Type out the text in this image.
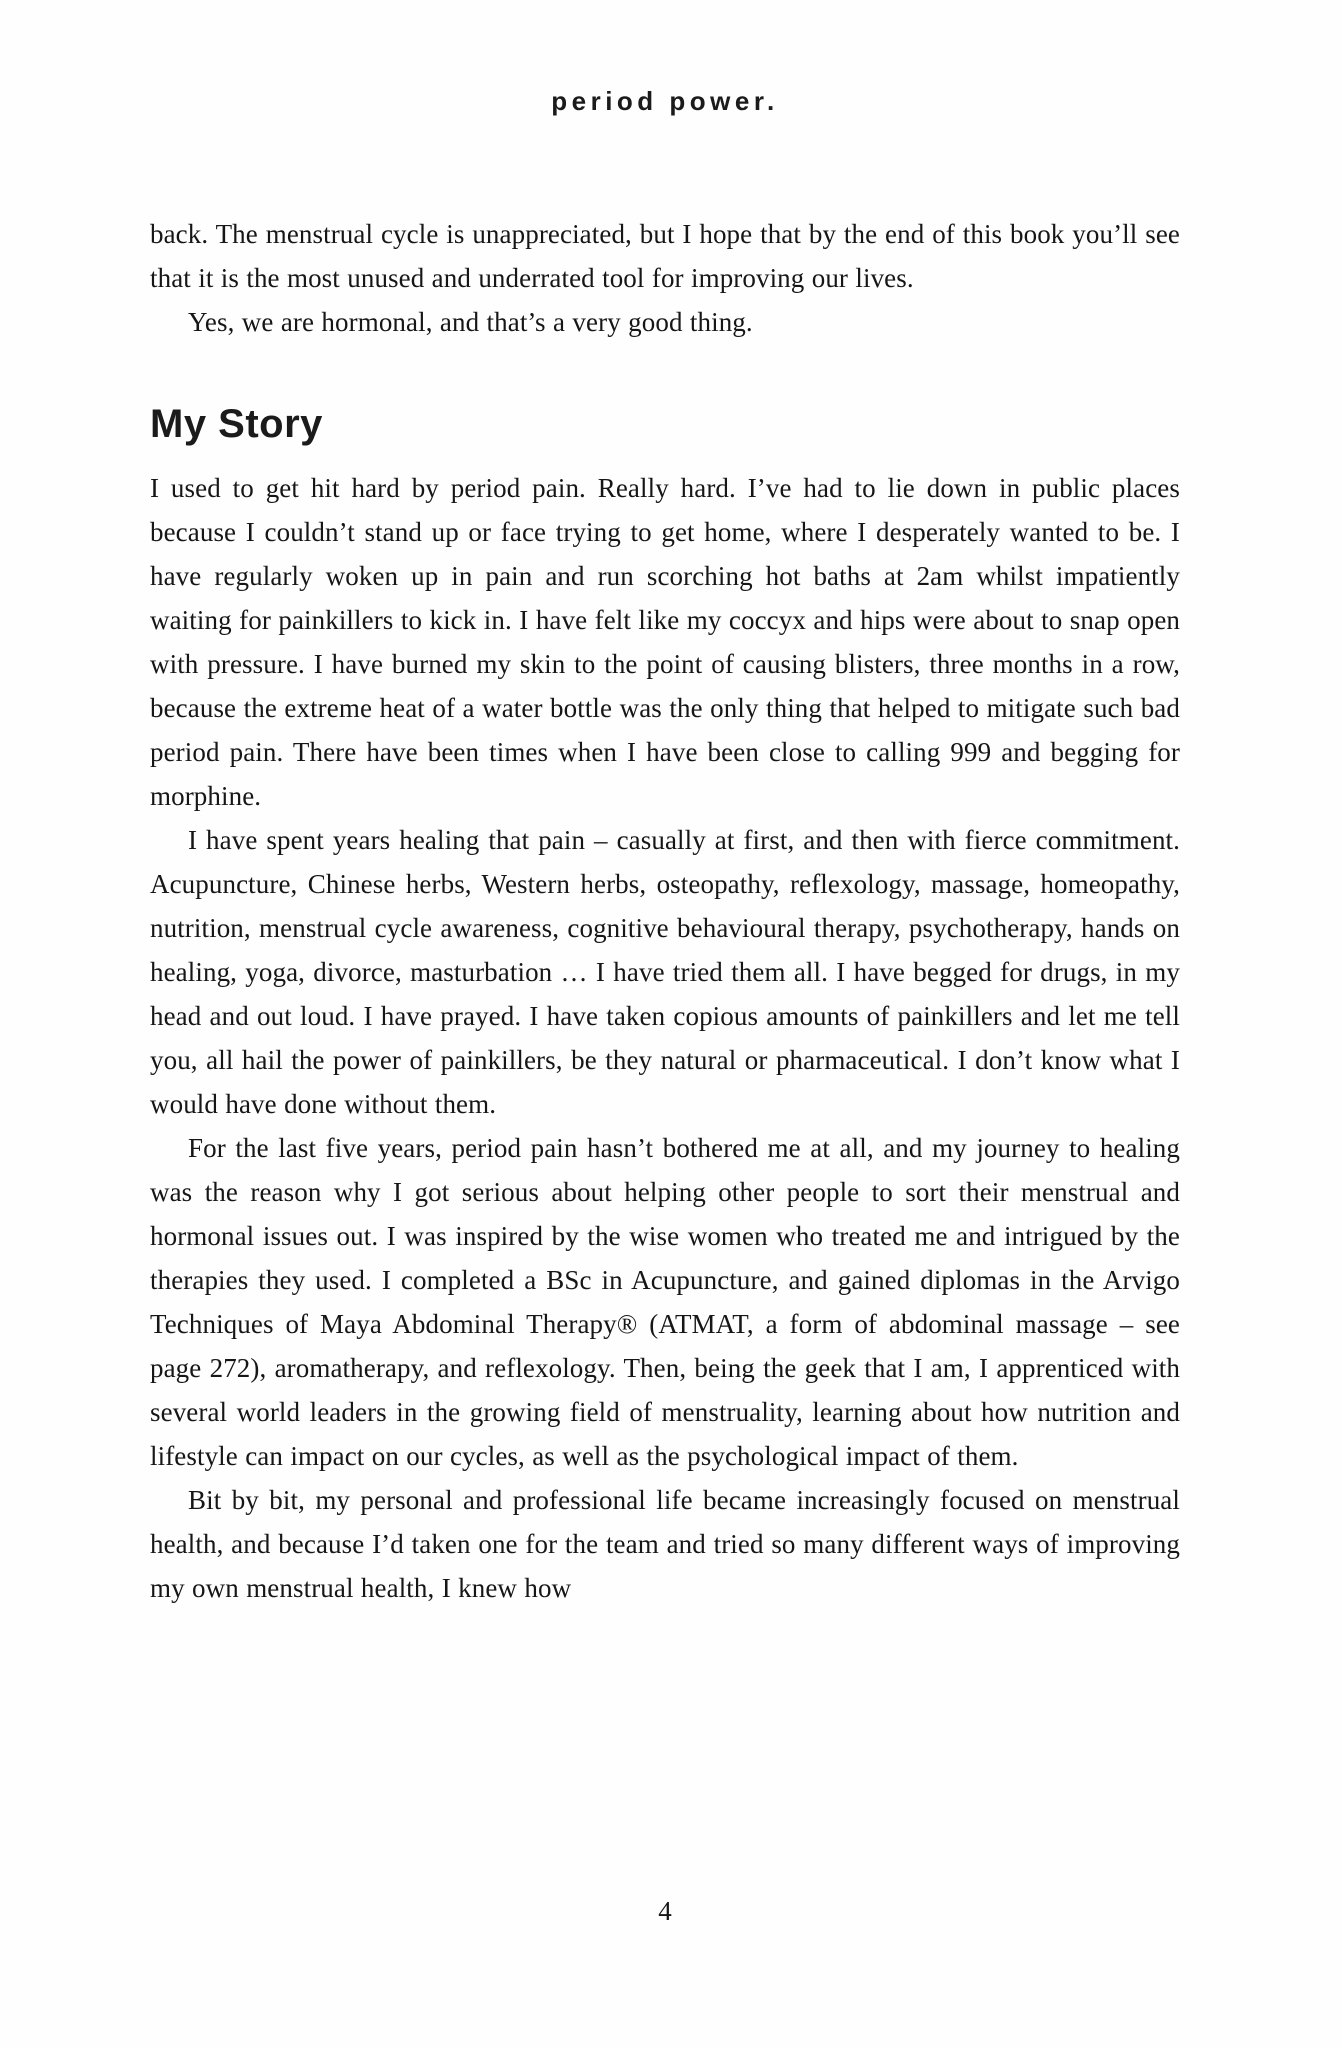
period power.

back. The menstrual cycle is unappreciated, but I hope that by the end of this book you’ll see that it is the most unused and underrated tool for improving our lives.

Yes, we are hormonal, and that’s a very good thing.

My Story

I used to get hit hard by period pain. Really hard. I’ve had to lie down in public places because I couldn’t stand up or face trying to get home, where I desperately wanted to be. I have regularly woken up in pain and run scorching hot baths at 2am whilst impatiently waiting for painkillers to kick in. I have felt like my coccyx and hips were about to snap open with pressure. I have burned my skin to the point of causing blisters, three months in a row, because the extreme heat of a water bottle was the only thing that helped to mitigate such bad period pain. There have been times when I have been close to calling 999 and begging for morphine.

I have spent years healing that pain – casually at first, and then with fierce commitment. Acupuncture, Chinese herbs, Western herbs, osteopathy, reflexology, massage, homeopathy, nutrition, menstrual cycle awareness, cognitive behavioural therapy, psychotherapy, hands on healing, yoga, divorce, masturbation … I have tried them all. I have begged for drugs, in my head and out loud. I have prayed. I have taken copious amounts of painkillers and let me tell you, all hail the power of painkillers, be they natural or pharmaceutical. I don’t know what I would have done without them.

For the last five years, period pain hasn’t bothered me at all, and my journey to healing was the reason why I got serious about helping other people to sort their menstrual and hormonal issues out. I was inspired by the wise women who treated me and intrigued by the therapies they used. I completed a BSc in Acupuncture, and gained diplomas in the Arvigo Techniques of Maya Abdominal Therapy® (ATMAT, a form of abdominal massage – see page 272), aromatherapy, and reflexology. Then, being the geek that I am, I apprenticed with several world leaders in the growing field of menstruality, learning about how nutrition and lifestyle can impact on our cycles, as well as the psychological impact of them.

Bit by bit, my personal and professional life became increasingly focused on menstrual health, and because I’d taken one for the team and tried so many different ways of improving my own menstrual health, I knew how

4
